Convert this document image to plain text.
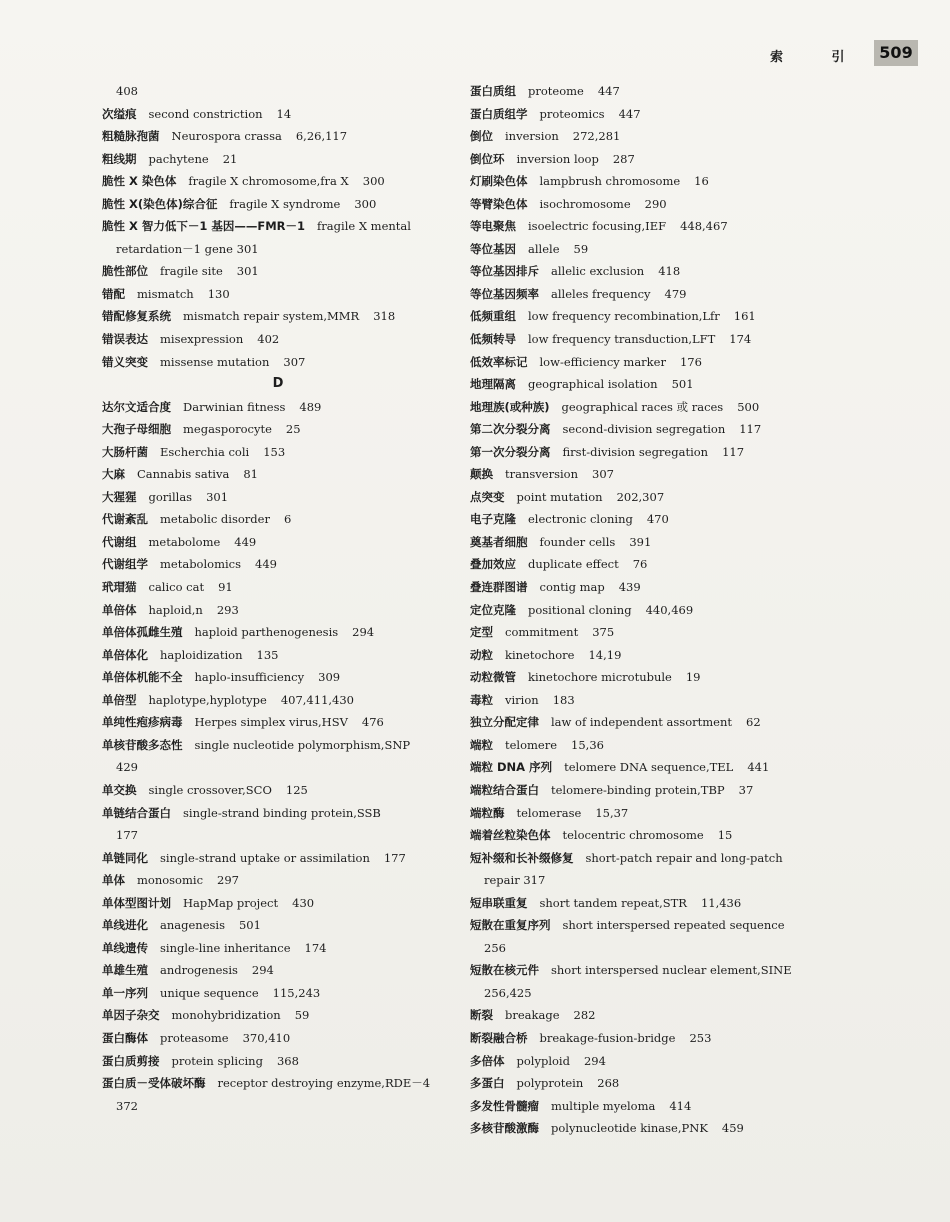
索 引 509
408
次缢痕 second constriction 14
粗糙脉孢菌 Neurospora crassa 6,26,117
粗线期 pachytene 21
脆性 X 染色体 fragile X chromosome,fra X 300
脆性 X(染色体)综合征 fragile X syndrome 300
脆性 X 智力低下－1 基因——FMR－1 fragile X mental
retardation－1 gene 301
脆性部位 fragile site 301
错配 mismatch 130
错配修复系统 mismatch repair system,MMR 318
错误表达 misexpression 402
错义突变 missense mutation 307
D
达尔文适合度 Darwinian fitness 489
大孢子母细胞 megasporocyte 25
大肠杆菌 Escherchia coli 153
大麻 Cannabis sativa 81
大猩猩 gorillas 301
代谢紊乱 metabolic disorder 6
代谢组 metabolome 449
代谢组学 metabolomics 449
玳瑁猫 calico cat 91
单倍体 haploid,n 293
单倍体孤雌生殖 haploid parthenogenesis 294
单倍体化 haploidization 135
单倍体机能不全 haplo-insufficiency 309
单倍型 haplotype,hyplotype 407,411,430
单纯性疱疹病毒 Herpes simplex virus,HSV 476
单核苷酸多态性 single nucleotide polymorphism,SNP
429
单交换 single crossover,SCO 125
单链结合蛋白 single-strand binding protein,SSB
177
单链同化 single-strand uptake or assimilation 177
单体 monosomic 297
单体型图计划 HapMap project 430
单线进化 anagenesis 501
单线遗传 single-line inheritance 174
单雄生殖 androgenesis 294
单一序列 unique sequence 115,243
单因子杂交 monohybridization 59
蛋白酶体 proteasome 370,410
蛋白质剪接 protein splicing 368
蛋白质－受体破坏酶 receptor destroying enzyme,RDE－4
372
蛋白质组 proteome 447
蛋白质组学 proteomics 447
倒位 inversion 272,281
倒位环 inversion loop 287
灯刷染色体 lampbrush chromosome 16
等臂染色体 isochromosome 290
等电聚焦 isoelectric focusing,IEF 448,467
等位基因 allele 59
等位基因排斥 allelic exclusion 418
等位基因频率 alleles frequency 479
低频重组 low frequency recombination,Lfr 161
低频转导 low frequency transduction,LFT 174
低效率标记 low-efficiency marker 176
地理隔离 geographical isolation 501
地理族(或种族) geographical races 或 races 500
第二次分裂分离 second-division segregation 117
第一次分裂分离 first-division segregation 117
颠换 transversion 307
点突变 point mutation 202,307
电子克隆 electronic cloning 470
奠基者细胞 founder cells 391
叠加效应 duplicate effect 76
叠连群图谱 contig map 439
定位克隆 positional cloning 440,469
定型 commitment 375
动粒 kinetochore 14,19
动粒微管 kinetochore microtubule 19
毒粒 virion 183
独立分配定律 law of independent assortment 62
端粒 telomere 15,36
端粒 DNA 序列 telomere DNA sequence,TEL 441
端粒结合蛋白 telomere-binding protein,TBP 37
端粒酶 telomerase 15,37
端着丝粒染色体 telocentric chromosome 15
短补缀和长补缀修复 short-patch repair and long-patch
repair 317
短串联重复 short tandem repeat,STR 11,436
短散在重复序列 short interspersed repeated sequence
256
短散在核元件 short interspersed nuclear element,SINE
256,425
断裂 breakage 282
断裂融合桥 breakage-fusion-bridge 253
多倍体 polyploid 294
多蛋白 polyprotein 268
多发性骨髓瘤 multiple myeloma 414
多核苷酸激酶 polynucleotide kinase,PNK 459
